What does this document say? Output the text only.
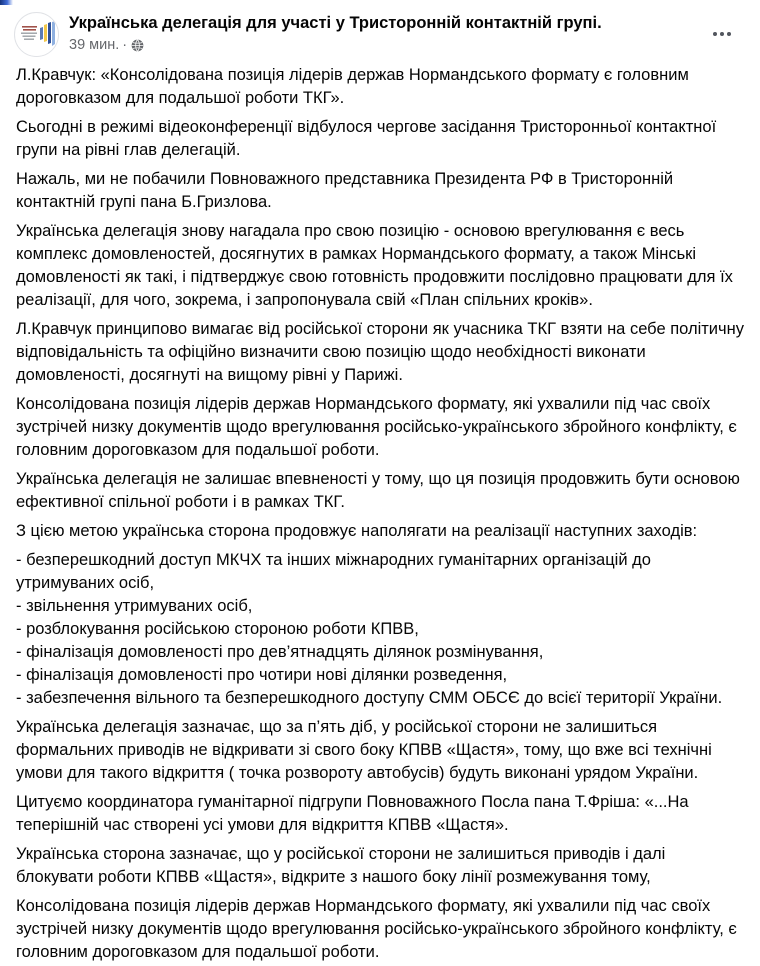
Українська делегація для участі у Тристоронній контактній групі.
39 мин. ·

Л.Кравчук: «Консолідована позиція лідерів держав Нормандського формату є головним дороговказом для подальшої роботи ТКГ».

Сьогодні в режимі відеоконференції відбулося чергове засідання Тристоронньої контактної групи на рівні глав делегацій.

Нажаль, ми не побачили Повноважного представника Президента РФ в Тристоронній контактній групі пана Б.Гризлова.

Українська делегація знову нагадала про свою позицію - основою врегулювання є весь комплекс домовленостей, досягнутих в рамках Нормандського формату, а також Мінські домовленості як такі, і підтверджує свою готовність продовжити послідовно працювати для їх реалізації, для чого, зокрема, і запропонувала свій «План спільних кроків».

Л.Кравчук принципово вимагає від російської сторони як учасника ТКГ взяти на себе політичну відповідальність та офіційно визначити свою позицію щодо необхідності виконати домовленості, досягнуті на вищому рівні у Парижі.

Консолідована позиція лідерів держав Нормандського формату, які ухвалили під час своїх зустрічей низку документів щодо врегулювання російсько-українського збройного конфлікту, є головним дороговказом для подальшої роботи.

Українська делегація не залишає впевненості у тому, що ця позиція продовжить бути основою ефективної спільної роботи і в рамках ТКГ.

З цією метою українська сторона продовжує наполягати на реалізації наступних заходів:

- безперешкодний доступ МКЧХ та інших міжнародних гуманітарних організацій до утримуваних осіб,
- звільнення утримуваних осіб,
- розблокування російською стороною роботи КПВВ,
- фіналізація домовленості про дев’ятнадцять ділянок розмінування,
- фіналізація домовленості про чотири нові ділянки розведення,
- забезпечення вільного та безперешкодного доступу СММ ОБСЄ до всієї території України.

Українська делегація зазначає, що за п’ять діб, у російської сторони не залишиться формальних приводів не відкривати зі свого боку КПВВ «Щастя», тому, що вже всі технічні умови для такого відкриття ( точка розвороту автобусів) будуть виконані урядом України.

Цитуємо координатора гуманітарної підгрупи Повноважного Посла пана Т.Фріша: «...На теперішній час створені усі умови для відкриття КПВВ «Щастя».

Українська сторона зазначає, що у російської сторони не залишиться приводів і далі блокувати роботи КПВВ «Щастя», відкрите з нашого боку лінії розмежування тому,

Консолідована позиція лідерів держав Нормандського формату, які ухвалили під час своїх зустрічей низку документів щодо врегулювання російсько-українського збройного конфлікту, є головним дороговказом для подальшої роботи.
